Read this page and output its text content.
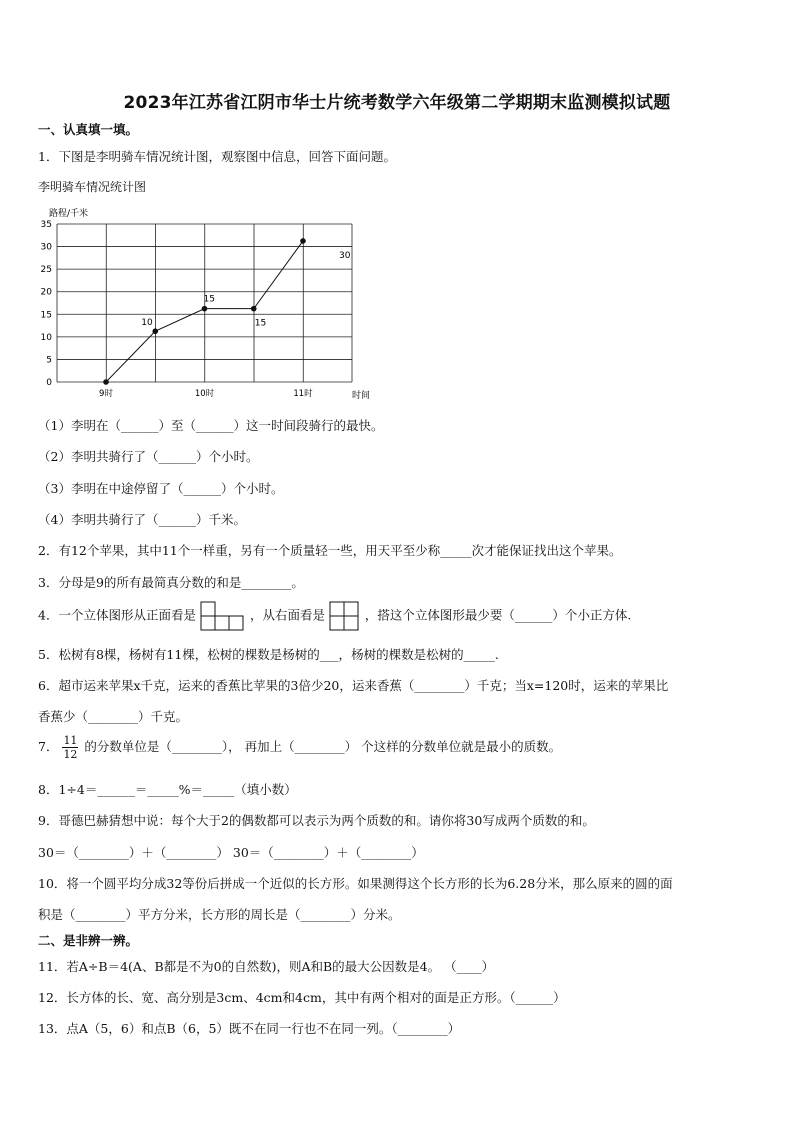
2023年江苏省江阴市华士片统考数学六年级第二学期期末监测模拟试题
一、认真填一填。
1．下图是李明骑车情况统计图，观察图中信息，回答下面问题。
李明骑车情况统计图
0
5
10
15
20
25
30
35
9时	10时	11时
10
15
15
30
路程/千米
时间
（1）李明在（______）至（______）这一时间段骑行的最快。
（2）李明共骑行了（______）个小时。
（3）李明在中途停留了（______）个小时。
（4）李明共骑行了（______）千米。
2．有12个苹果，其中11个一样重，另有一个质量轻一些，用天平至少称_____次才能保证找出这个苹果。
3．分母是9的所有最简真分数的和是________。
4．一个立体图形从正面看是	，从右面看是	，搭这个立体图形最少要（______）个小正方体.
5．松树有8棵，杨树有11棵，松树的棵数是杨树的___，杨树的棵数是松树的_____.
6．超市运来苹果x千克，运来的香蕉比苹果的3倍少20，运来香蕉（________）千克；当x=120时，运来的苹果比
香蕉少（________）千克。
7． $\frac{11}{12}$ 的分数单位是（________）， 再加上（________） 个这样的分数单位就是最小的质数。
8．1÷4＝______＝_____%＝_____（填小数）
9．哥德巴赫猜想中说：每个大于2的偶数都可以表示为两个质数的和。请你将30写成两个质数的和。
30＝（________）＋（________） 30＝（________）＋（________）
10．将一个圆平均分成32等份后拼成一个近似的长方形。如果测得这个长方形的长为6.28分米，那么原来的圆的面
积是（________）平方分米，长方形的周长是（________）分米。
二、是非辨一辨。
11．若A÷B＝4(A、B都是不为0的自然数)，则A和B的最大公因数是4。 （____）
12．长方体的长、宽、高分别是3cm、4cm和4cm，其中有两个相对的面是正方形。（______）
13．点A（5，6）和点B（6，5）既不在同一行也不在同一列。（________）
